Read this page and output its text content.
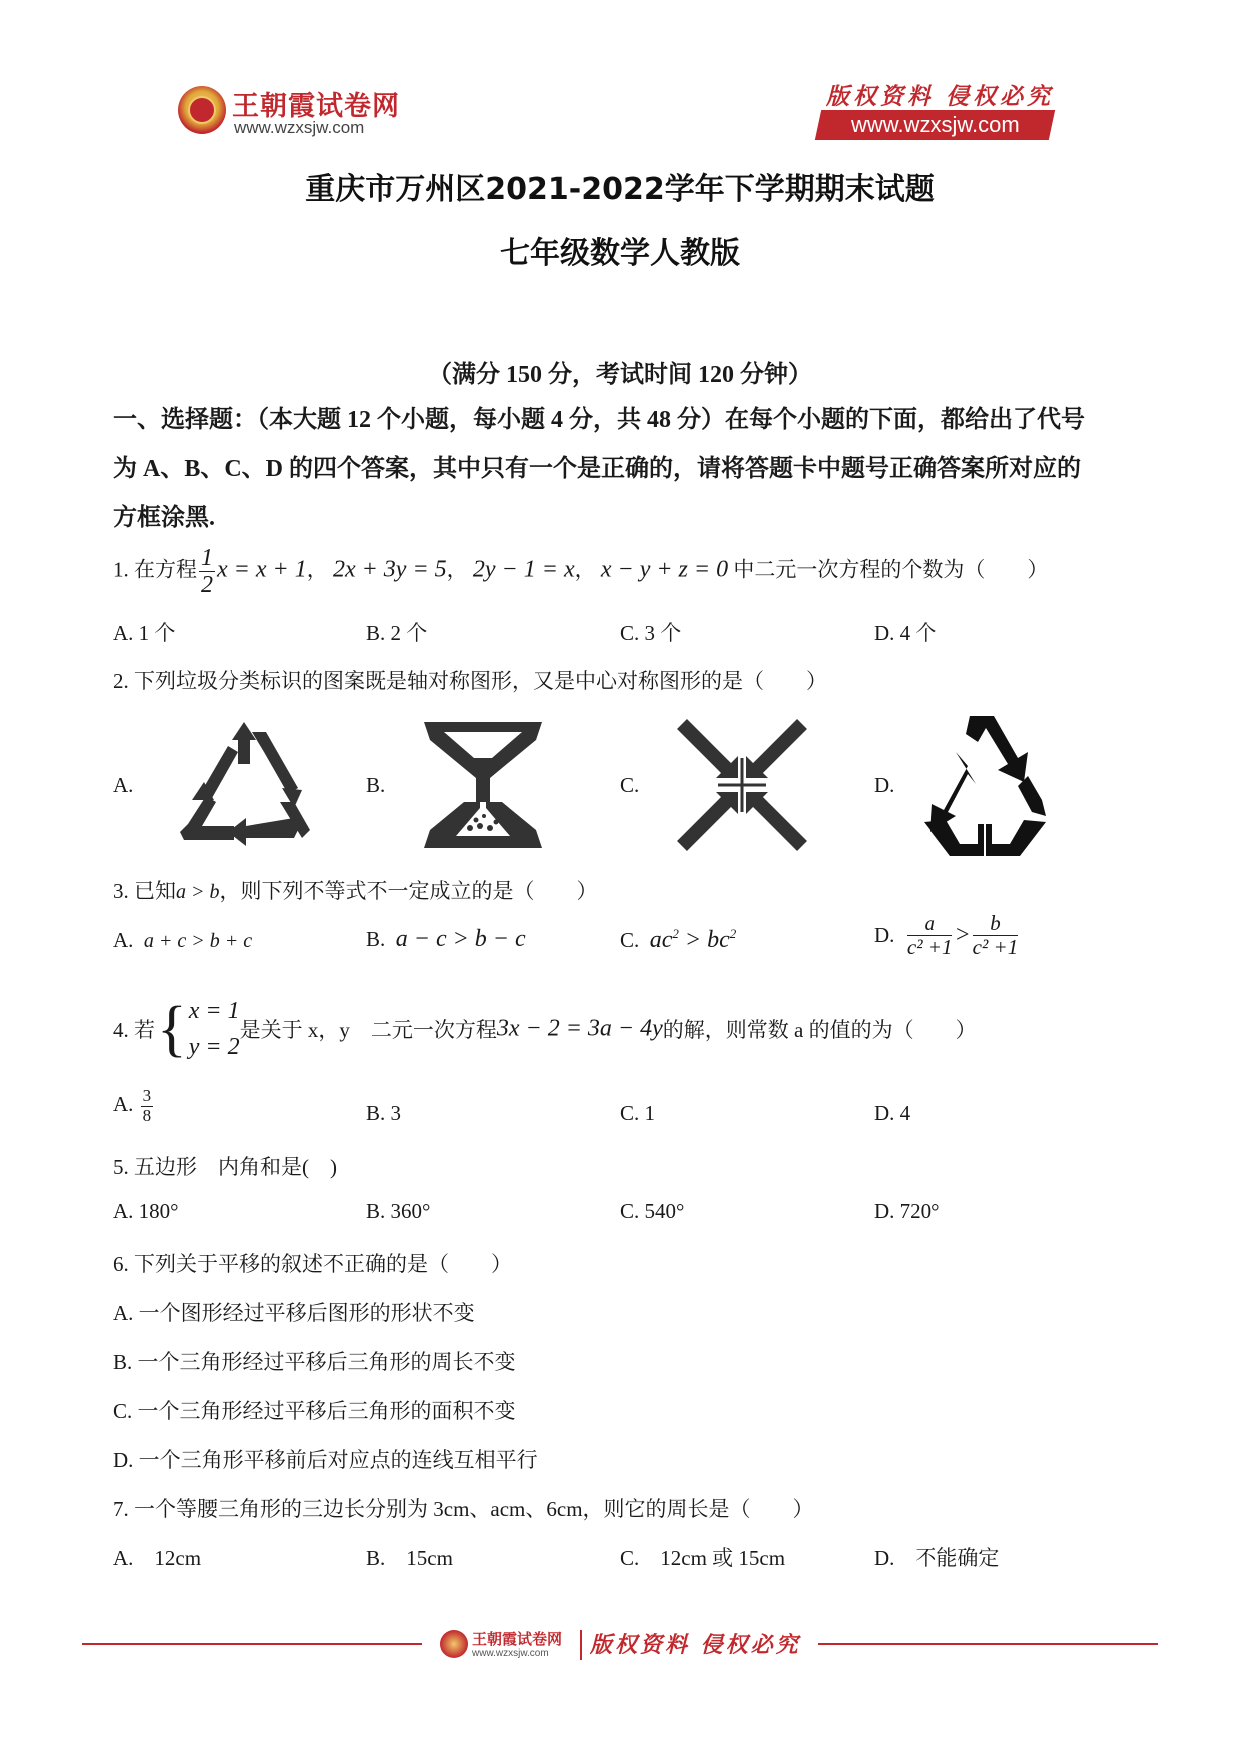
王朝霞试卷网
www.wzxsjw.com
版权资料 侵权必究
www.wzxsjw.com
重庆市万州区2021-2022学年下学期期末试题
七年级数学人教版
（满分 150 分，考试时间 120 分钟）
一、选择题：（本大题 12 个小题，每小题 4 分，共 48 分）在每个小题的下面，都给出了代号
为 A、B、C、D 的四个答案，其中只有一个是正确的，请将答题卡中题号正确答案所对应的
方框涂黑.
1. 在方程 $\frac{1}{2}$ x = x + 1， 2x + 3y = 5， 2y − 1 = x， x − y + z = 0 中二元一次方程的个数为（　　）
A. 1 个	B. 2 个	C. 3 个	D. 4 个
2. 下列垃圾分类标识的图案既是轴对称图形，又是中心对称图形的是（　　）
A.	B.	C.	D.
3. 已知a > b，则下列不等式不一定成立的是（　　）
A. a + c > b + c	B. a − c > b − c	C. $ac^2 > bc^2$	D. $\frac{a}{\text{c² +1}} > \frac{b}{\text{c² +1}}$
4. 若{ x = 1
y = 2
是关于 x，y　二元一次方程3x − 2 = 3a − 4y的解，则常数 a 的值的为（　　）
A. $\frac{3}{8}$	B. 3	C. 1	D. 4
5. 五边形　内角和是(　)
A. 180°	B. 360°	C. 540°	D. 720°
6. 下列关于平移的叙述不正确的是（　　）
A. 一个图形经过平移后图形的形状不变
B. 一个三角形经过平移后三角形的周长不变
C. 一个三角形经过平移后三角形的面积不变
D. 一个三角形平移前后对应点的连线互相平行
7. 一个等腰三角形的三边长分别为 3cm、acm、6cm，则它的周长是（　　）
A.　12cm	B.　15cm	C.　12cm 或 15cm	D.　不能确定
王朝霞试卷网
www.wzxsjw.com 版权资料 侵权必究
